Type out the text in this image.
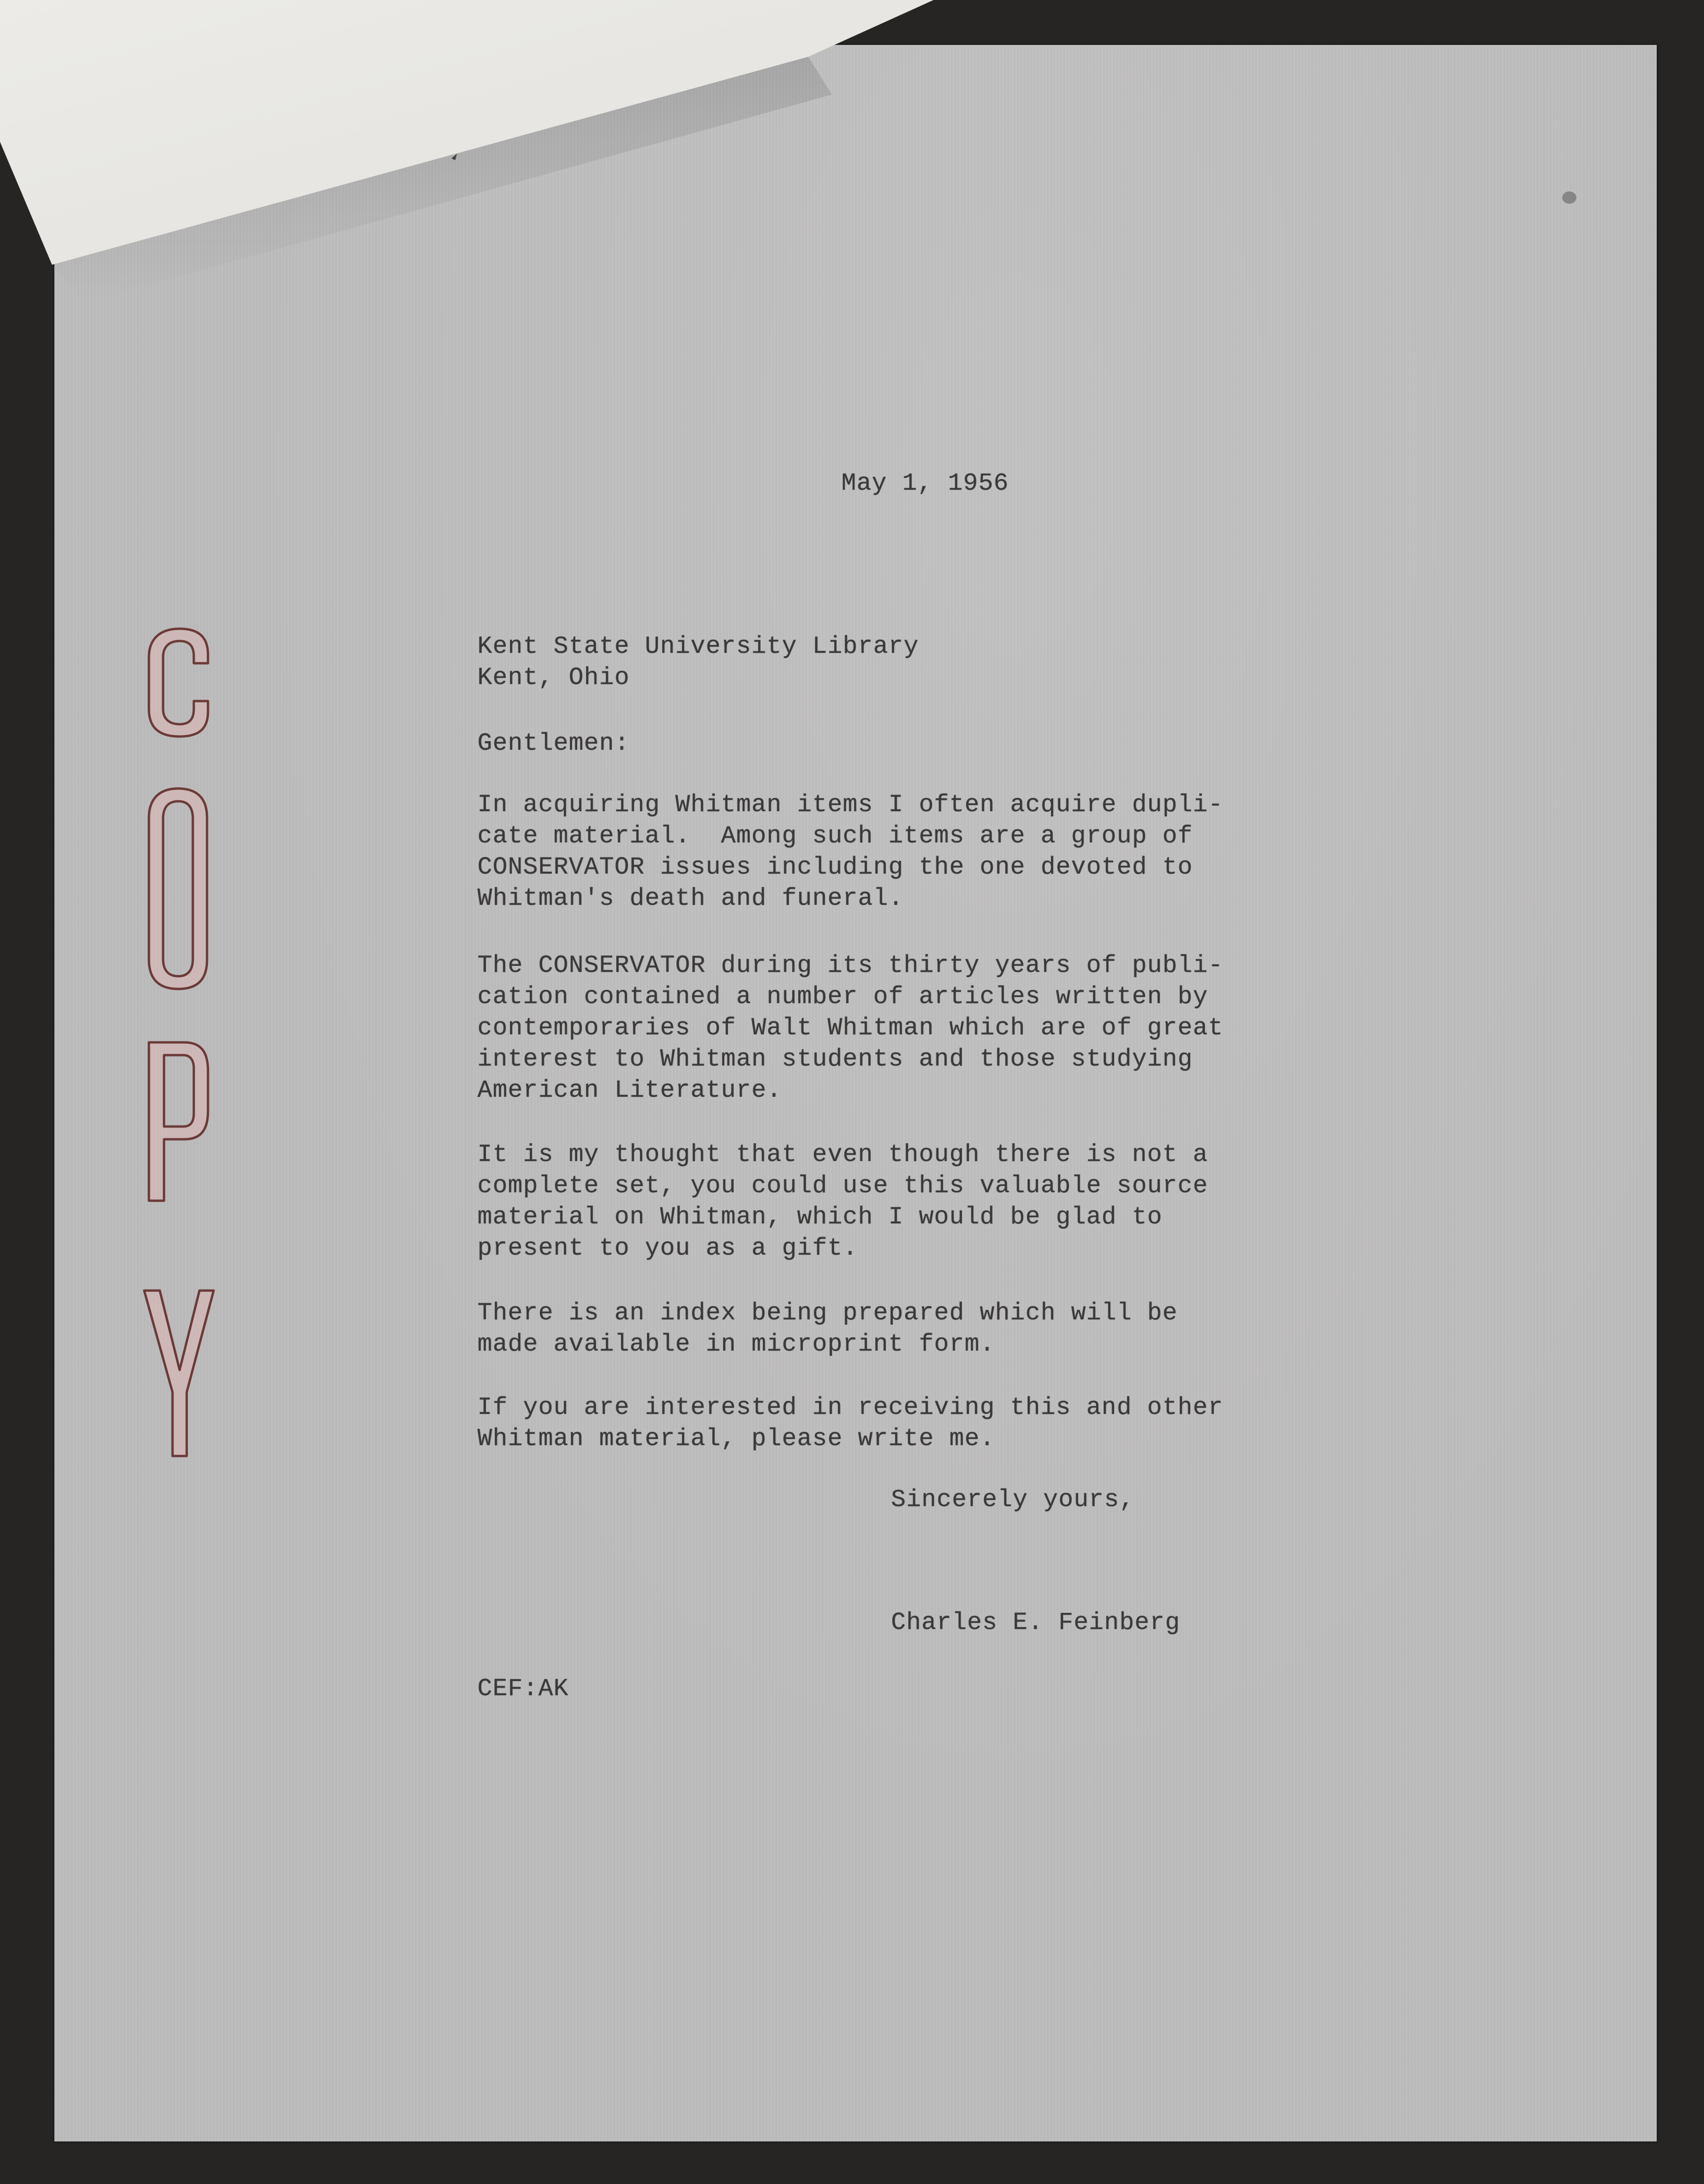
May 1, 1956
Kent State University Library
Kent, Ohio
Gentlemen:
In acquiring Whitman items I often acquire dupli-
cate material.  Among such items are a group of
CONSERVATOR issues including the one devoted to
Whitman's death and funeral.
The CONSERVATOR during its thirty years of publi-
cation contained a number of articles written by
contemporaries of Walt Whitman which are of great
interest to Whitman students and those studying
American Literature.
It is my thought that even though there is not a
complete set, you could use this valuable source
material on Whitman, which I would be glad to
present to you as a gift.
There is an index being prepared which will be
made available in microprint form.
If you are interested in receiving this and other
Whitman material, please write me.
Sincerely yours,
Charles E. Feinberg
CEF:AK
